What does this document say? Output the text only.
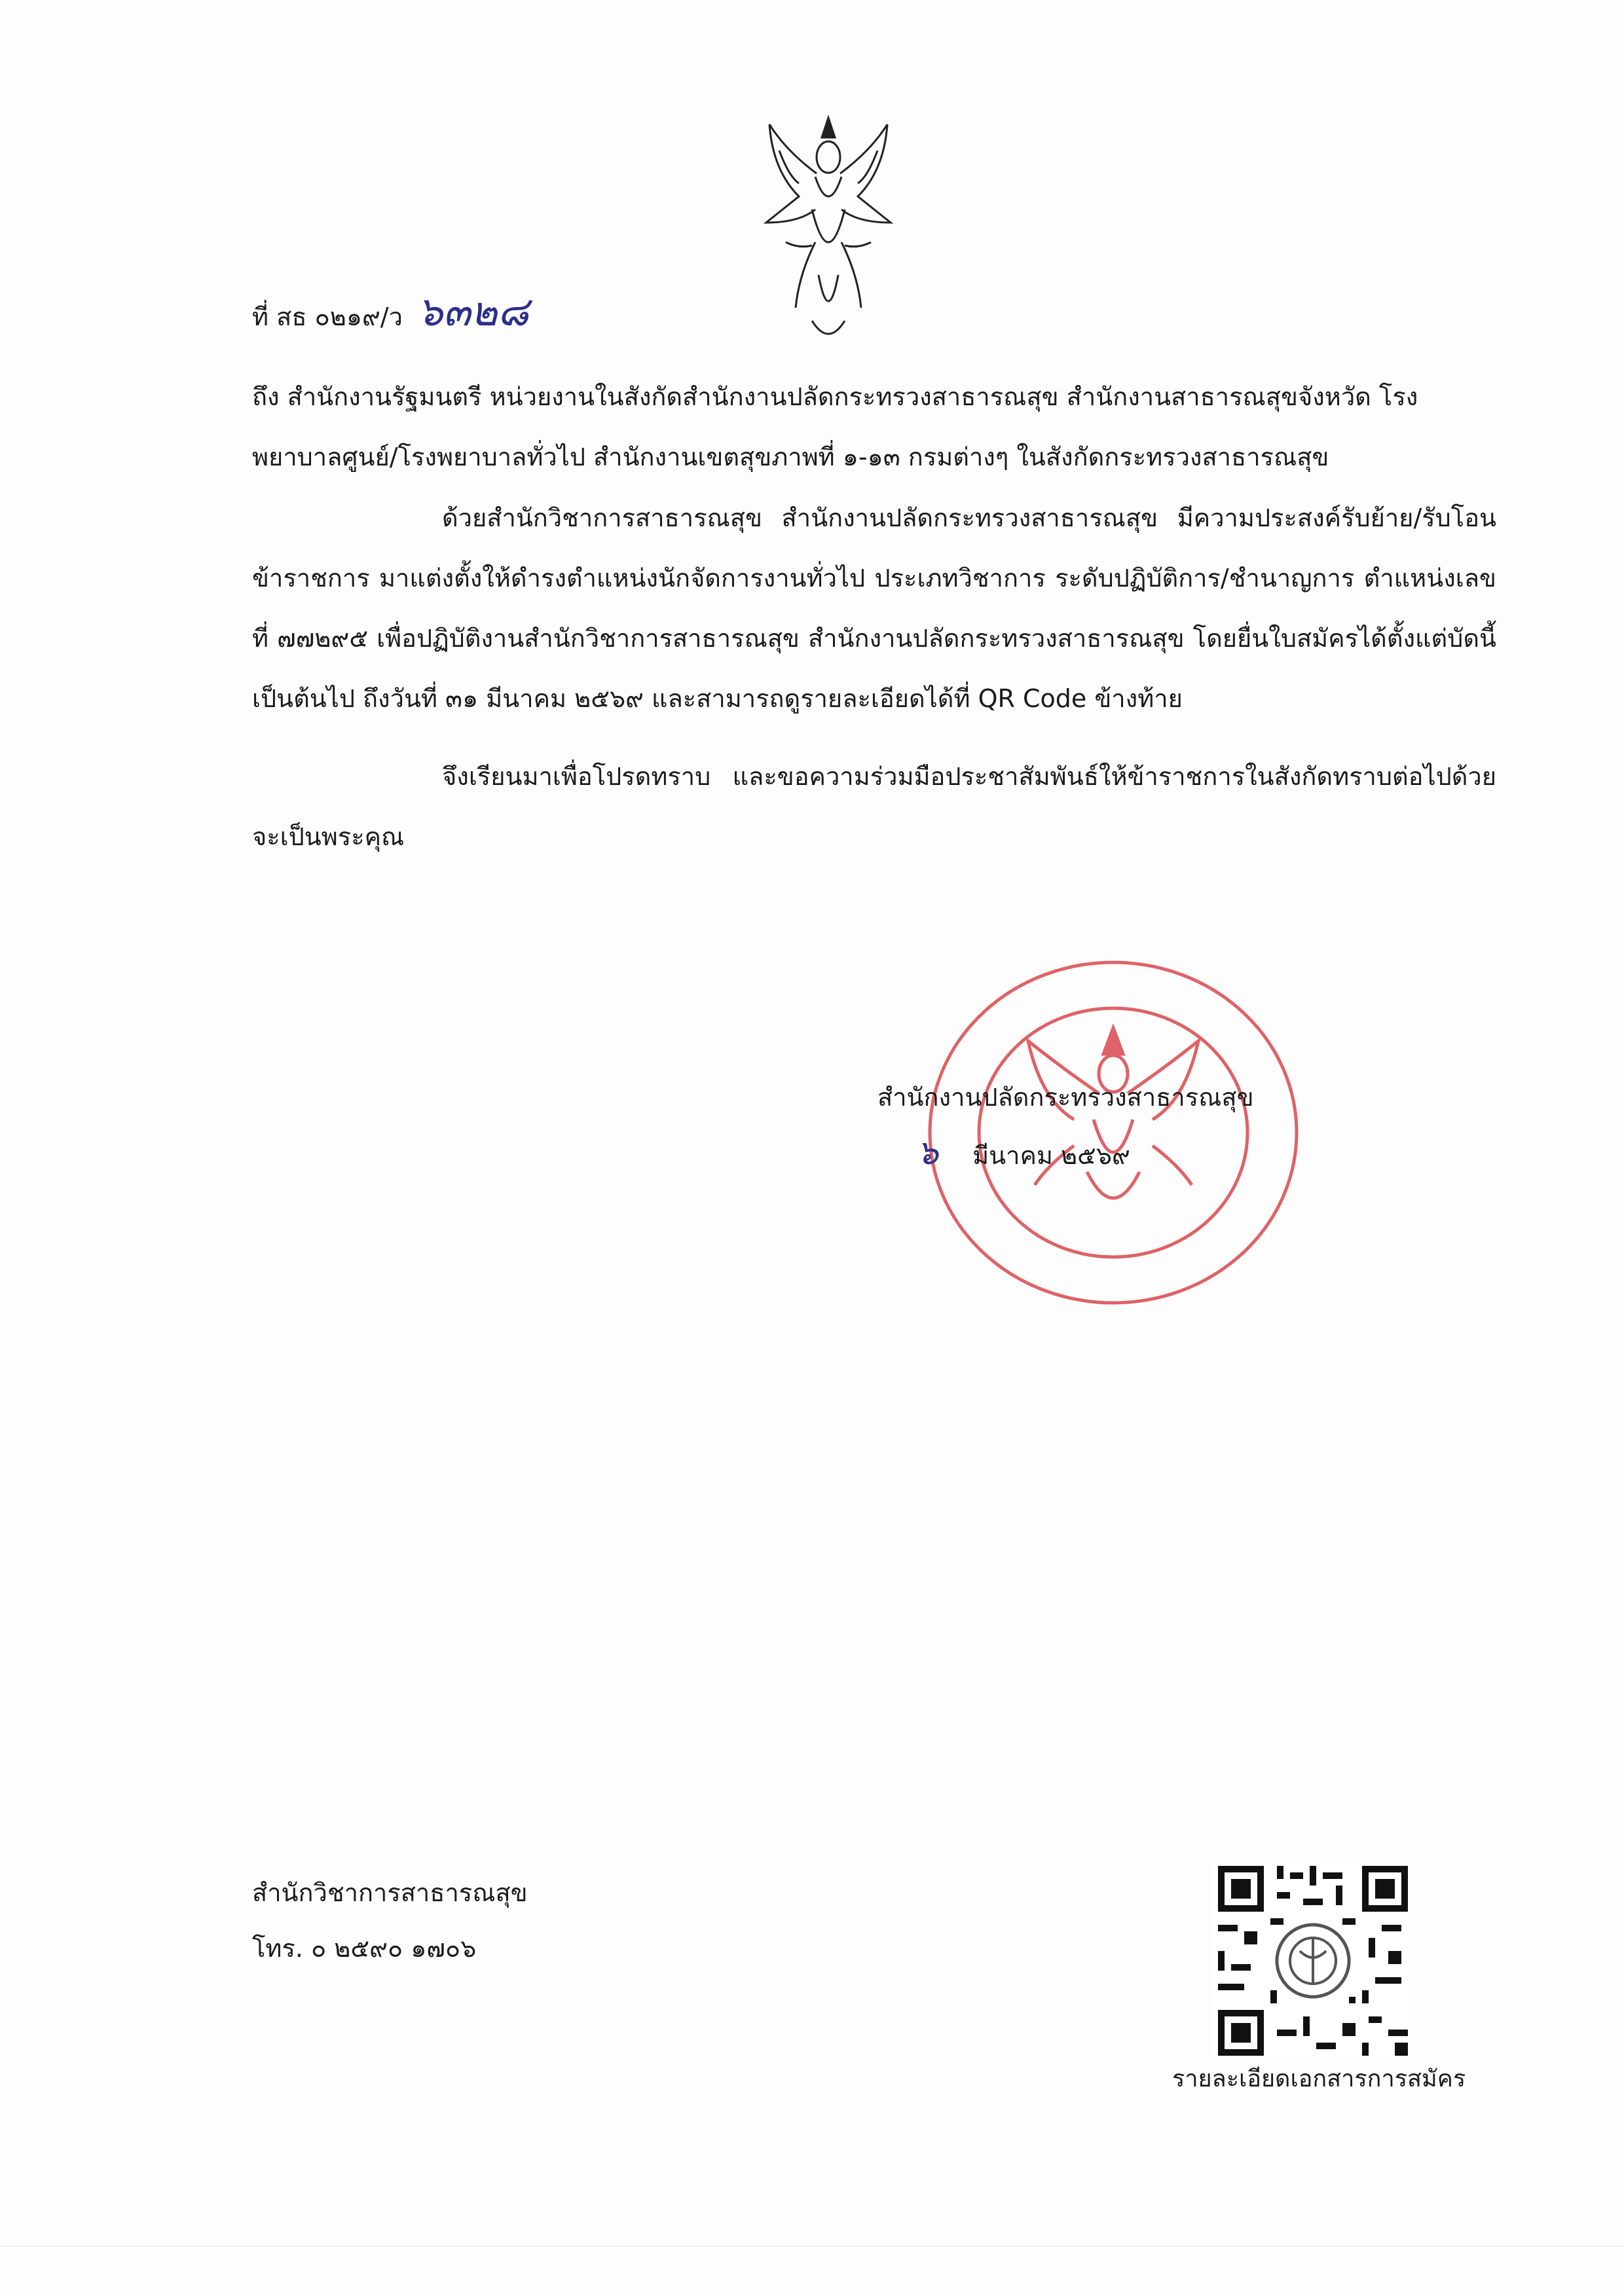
ที่ สธ ๐๒๑๙/ว ๖๓๒๘
ถึง สำนักงานรัฐมนตรี หน่วยงานในสังกัดสำนักงานปลัดกระทรวงสาธารณสุข สำนักงานสาธารณสุขจังหวัด โรงพยาบาลศูนย์/โรงพยาบาลทั่วไป สำนักงานเขตสุขภาพที่ ๑-๑๓ กรมต่างๆ ในสังกัดกระทรวงสาธารณสุข
ด้วยสำนักวิชาการสาธารณสุข สำนักงานปลัดกระทรวงสาธารณสุข มีความประสงค์รับย้าย/รับโอนข้าราชการ มาแต่งตั้งให้ดำรงตำแหน่งนักจัดการงานทั่วไป ประเภทวิชาการ ระดับปฏิบัติการ/ชำนาญการ ตำแหน่งเลขที่ ๗๗๒๙๕ เพื่อปฏิบัติงานสำนักวิชาการสาธารณสุข สำนักงานปลัดกระทรวงสาธารณสุข โดยยื่นใบสมัครได้ตั้งแต่บัดนี้เป็นต้นไป ถึงวันที่ ๓๑ มีนาคม ๒๕๖๙ และสามารถดูรายละเอียดได้ที่ QR Code ข้างท้าย
จึงเรียนมาเพื่อโปรดทราบ และขอความร่วมมือประชาสัมพันธ์ให้ข้าราชการในสังกัดทราบต่อไปด้วย จะเป็นพระคุณ
สำนักงานปลัดกระทรวงสาธารณสุข
๖ มีนาคม ๒๕๖๙
สำนักวิชาการสาธารณสุข
โทร. ๐ ๒๕๙๐ ๑๗๐๖
รายละเอียดเอกสารการสมัคร
